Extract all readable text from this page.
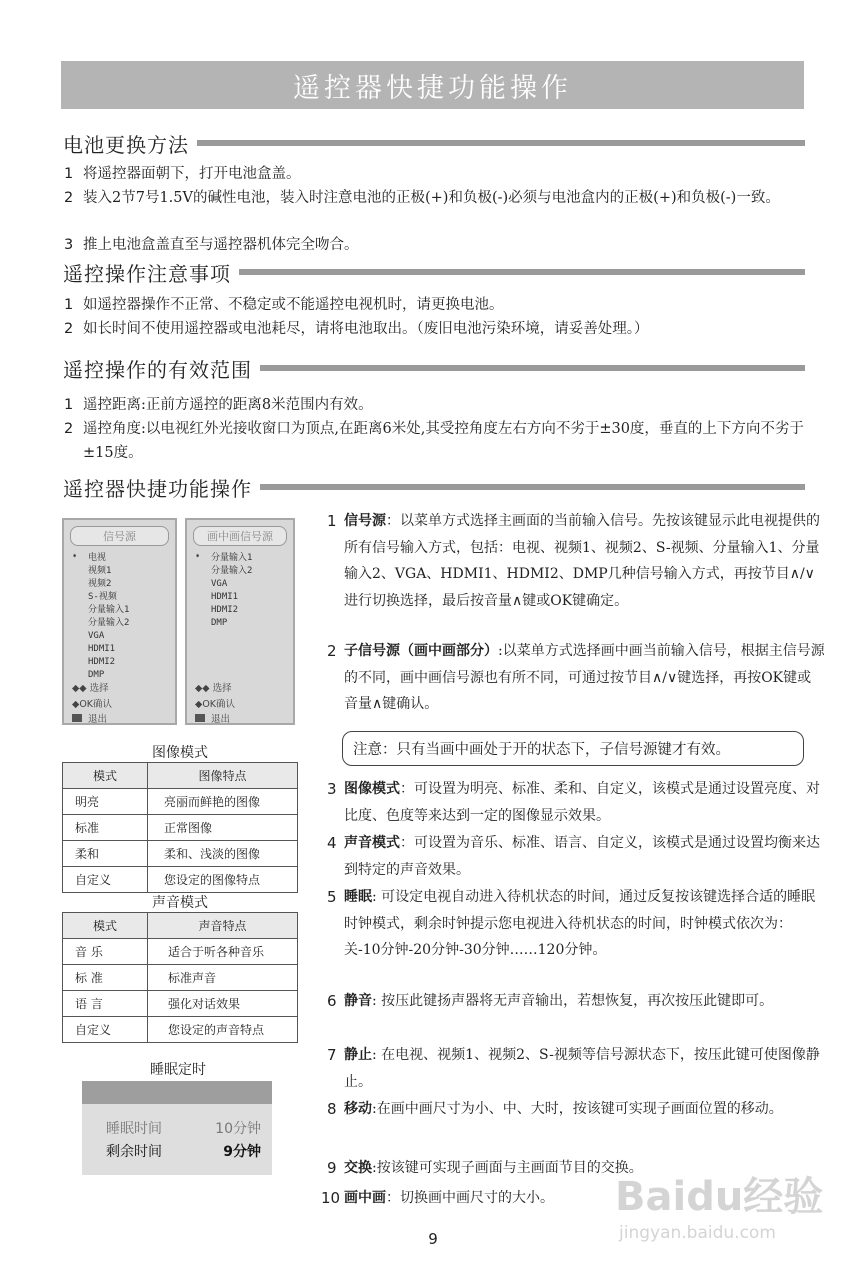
遥控器快捷功能操作
电池更换方法
1 将遥控器面朝下，打开电池盒盖。
2 装入2节7号1.5V的碱性电池，装入时注意电池的正极(+)和负极(-)必须与电池盒内的正极(+)和负极(-)一致。
3 推上电池盒盖直至与遥控器机体完全吻合。
遥控操作注意事项
1 如遥控器操作不正常、不稳定或不能遥控电视机时，请更换电池。
2 如长时间不使用遥控器或电池耗尽，请将电池取出。（废旧电池污染环境，请妥善处理。）
遥控操作的有效范围
1 遥控距离:正前方遥控的距离8米范围内有效。
2 遥控角度:以电视红外光接收窗口为顶点,在距离6米处,其受控角度左右方向不劣于±30度，垂直的上下方向不劣于±15度。
遥控器快捷功能操作
信号源
➧
◆◆ 选择
◆OK确认
退出
电视
视频1
视频2
S-视频
分量输入1
分量输入2
VGA
HDMI1
HDMI2
DMP
画中画信号源
➧
◆◆ 选择
◆OK确认
退出
分量输入1
分量输入2
VGA
HDMI1
HDMI2
DMP
图像模式
模式	图像特点
明亮	亮丽而鲜艳的图像
标准	正常图像
柔和	柔和、浅淡的图像
自定义	您设定的图像特点
声音模式
模式	声音特点
音 乐	适合于听各种音乐
标 准	标准声音
语 言	强化对话效果
自定义	您设定的声音特点
睡眠定时
睡眠时间	10分钟
剩余时间	9分钟
1 信号源：以菜单方式选择主画面的当前输入信号。先按该键显示此电视提供的所有信号输入方式，包括：电视、视频1、视频2、S-视频、分量输入1、分量输入2、VGA、HDMI1、HDMI2、DMP几种信号输入方式，再按节目∧/∨进行切换选择，最后按音量∧键或OK键确定。
2 子信号源（画中画部分）:以菜单方式选择画中画当前输入信号，根据主信号源的不同，画中画信号源也有所不同，可通过按节目∧/∨键选择，再按OK键或音量∧键确认。
注意：只有当画中画处于开的状态下，子信号源键才有效。
3 图像模式：可设置为明亮、标准、柔和、自定义，该模式是通过设置亮度、对比度、色度等来达到一定的图像显示效果。
4 声音模式：可设置为音乐、标准、语言、自定义，该模式是通过设置均衡来达到特定的声音效果。
5 睡眠: 可设定电视自动进入待机状态的时间，通过反复按该键选择合适的睡眠时钟模式，剩余时钟提示您电视进入待机状态的时间，时钟模式依次为：关-10分钟-20分钟-30分钟……120分钟。
6 静音: 按压此键扬声器将无声音输出，若想恢复，再次按压此键即可。
7 静止: 在电视、视频1、视频2、S-视频等信号源状态下，按压此键可使图像静止。
8 移动:在画中画尺寸为小、中、大时，按该键可实现子画面位置的移动。
9 交换:按该键可实现子画面与主画面节目的交换。
10 画中画：切换画中画尺寸的大小。
9
Baidu经验
jingyan.baidu.com
